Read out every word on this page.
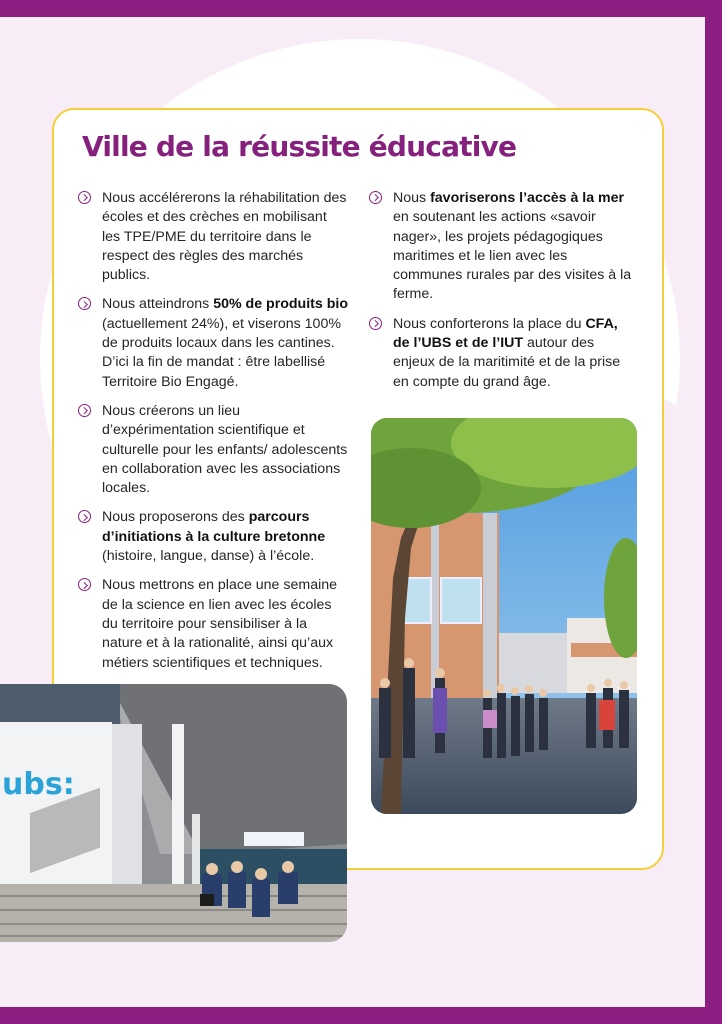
Ville de la réussite éducative
Nous accélérerons la réhabilitation des écoles et des crèches en mobilisant les TPE/PME du territoire dans le respect des règles des marchés publics.
Nous atteindrons 50% de produits bio (actuellement 24%), et viserons 100% de produits locaux dans les cantines. D’ici la fin de mandat : être labellisé Territoire Bio Engagé.
Nous créerons un lieu d’expérimentation scientifique et culturelle pour les enfants/ adolescents en collaboration avec les associations locales.
Nous proposerons des parcours d’initiations à la culture bretonne (histoire, langue, danse) à l’école.
Nous mettrons en place une semaine de la science en lien avec les écoles du territoire pour sensibiliser à la nature et à la rationalité, ainsi qu’aux métiers scientifiques et techniques.
Nous favoriserons l’accès à la mer en soutenant les actions «savoir nager», les projets pédagogiques maritimes et le lien avec les communes rurales par des visites à la ferme.
Nous conforterons la place du CFA, de l’UBS et de l’IUT autour des enjeux de la maritimité et de la prise en compte du grand âge.
ubs:
